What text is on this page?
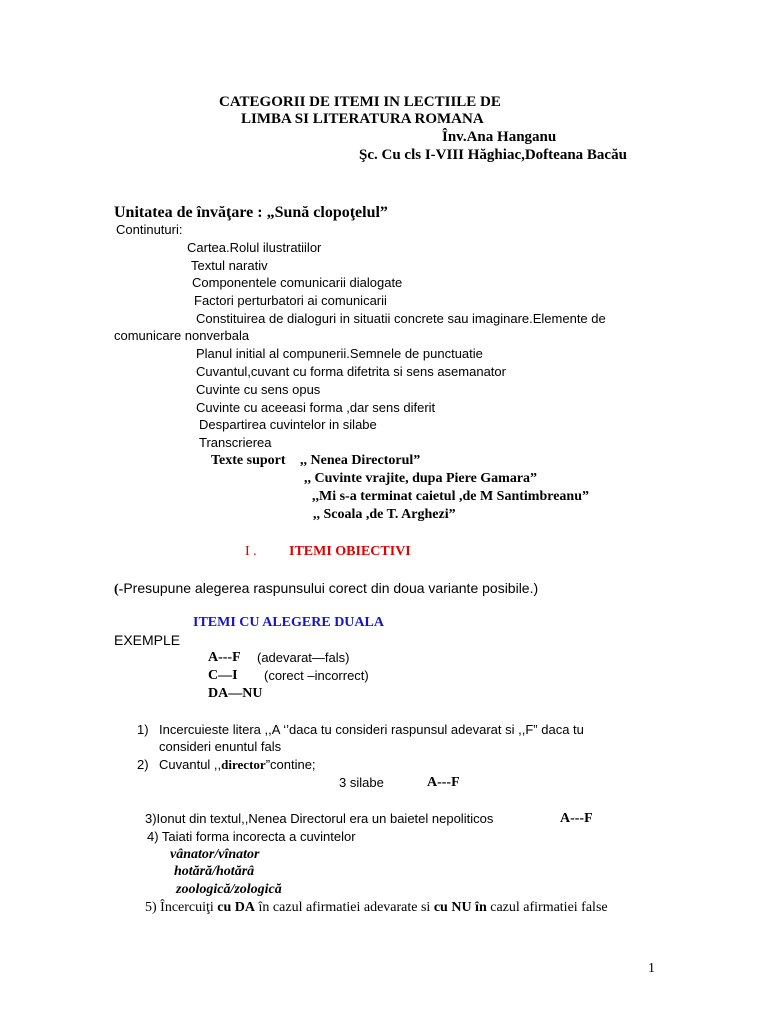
CATEGORII DE ITEMI IN LECTIILE DE
LIMBA SI LITERATURA ROMANA
Înv.Ana Hanganu
Şc. Cu cls I-VIII Hăghiac,Dofteana Bacău
Unitatea de învăţare : „Sună clopoţelul”
Continuturi:
Cartea.Rolul ilustratiilor
Textul narativ
Componentele comunicarii dialogate
Factori perturbatori ai comunicarii
Constituirea de dialoguri in situatii concrete sau imaginare.Elemente de
comunicare nonverbala
Planul initial al compunerii.Semnele de punctuatie
Cuvantul,cuvant cu forma difetrita si sens asemanator
Cuvinte cu sens opus
Cuvinte cu aceeasi forma ,dar sens diferit
Despartirea cuvintelor in silabe
Transcrierea
Texte suport ,, Nenea Directorul”
,, Cuvinte vrajite, dupa Piere Gamara”
,,Mi s-a terminat caietul ,de M Santimbreanu”
,, Scoala ,de T. Arghezi”
I . ITEMI OBIECTIVI
(-Presupune alegerea raspunsului corect din doua variante posibile.)
ITEMI CU ALEGERE DUALA
EXEMPLE
A---F (adevarat—fals)
C—I (corect –incorrect)
DA—NU
1) Incercuieste litera ,,A ‘’daca tu consideri raspunsul adevarat si ,,F” daca tu
consideri enuntul fals
2) Cuvantul ,,director”contine;
3 silabe	A---F
3)Ionut din textul,,Nenea Directorul era un baietel nepoliticos	A---F
4) Taiati forma incorecta a cuvintelor
vânator/vînator
hotără/hotărâ
zoologică/zologică
5) Încercuiţi cu DA în cazul afirmatiei adevarate si cu NU în cazul afirmatiei false
1
